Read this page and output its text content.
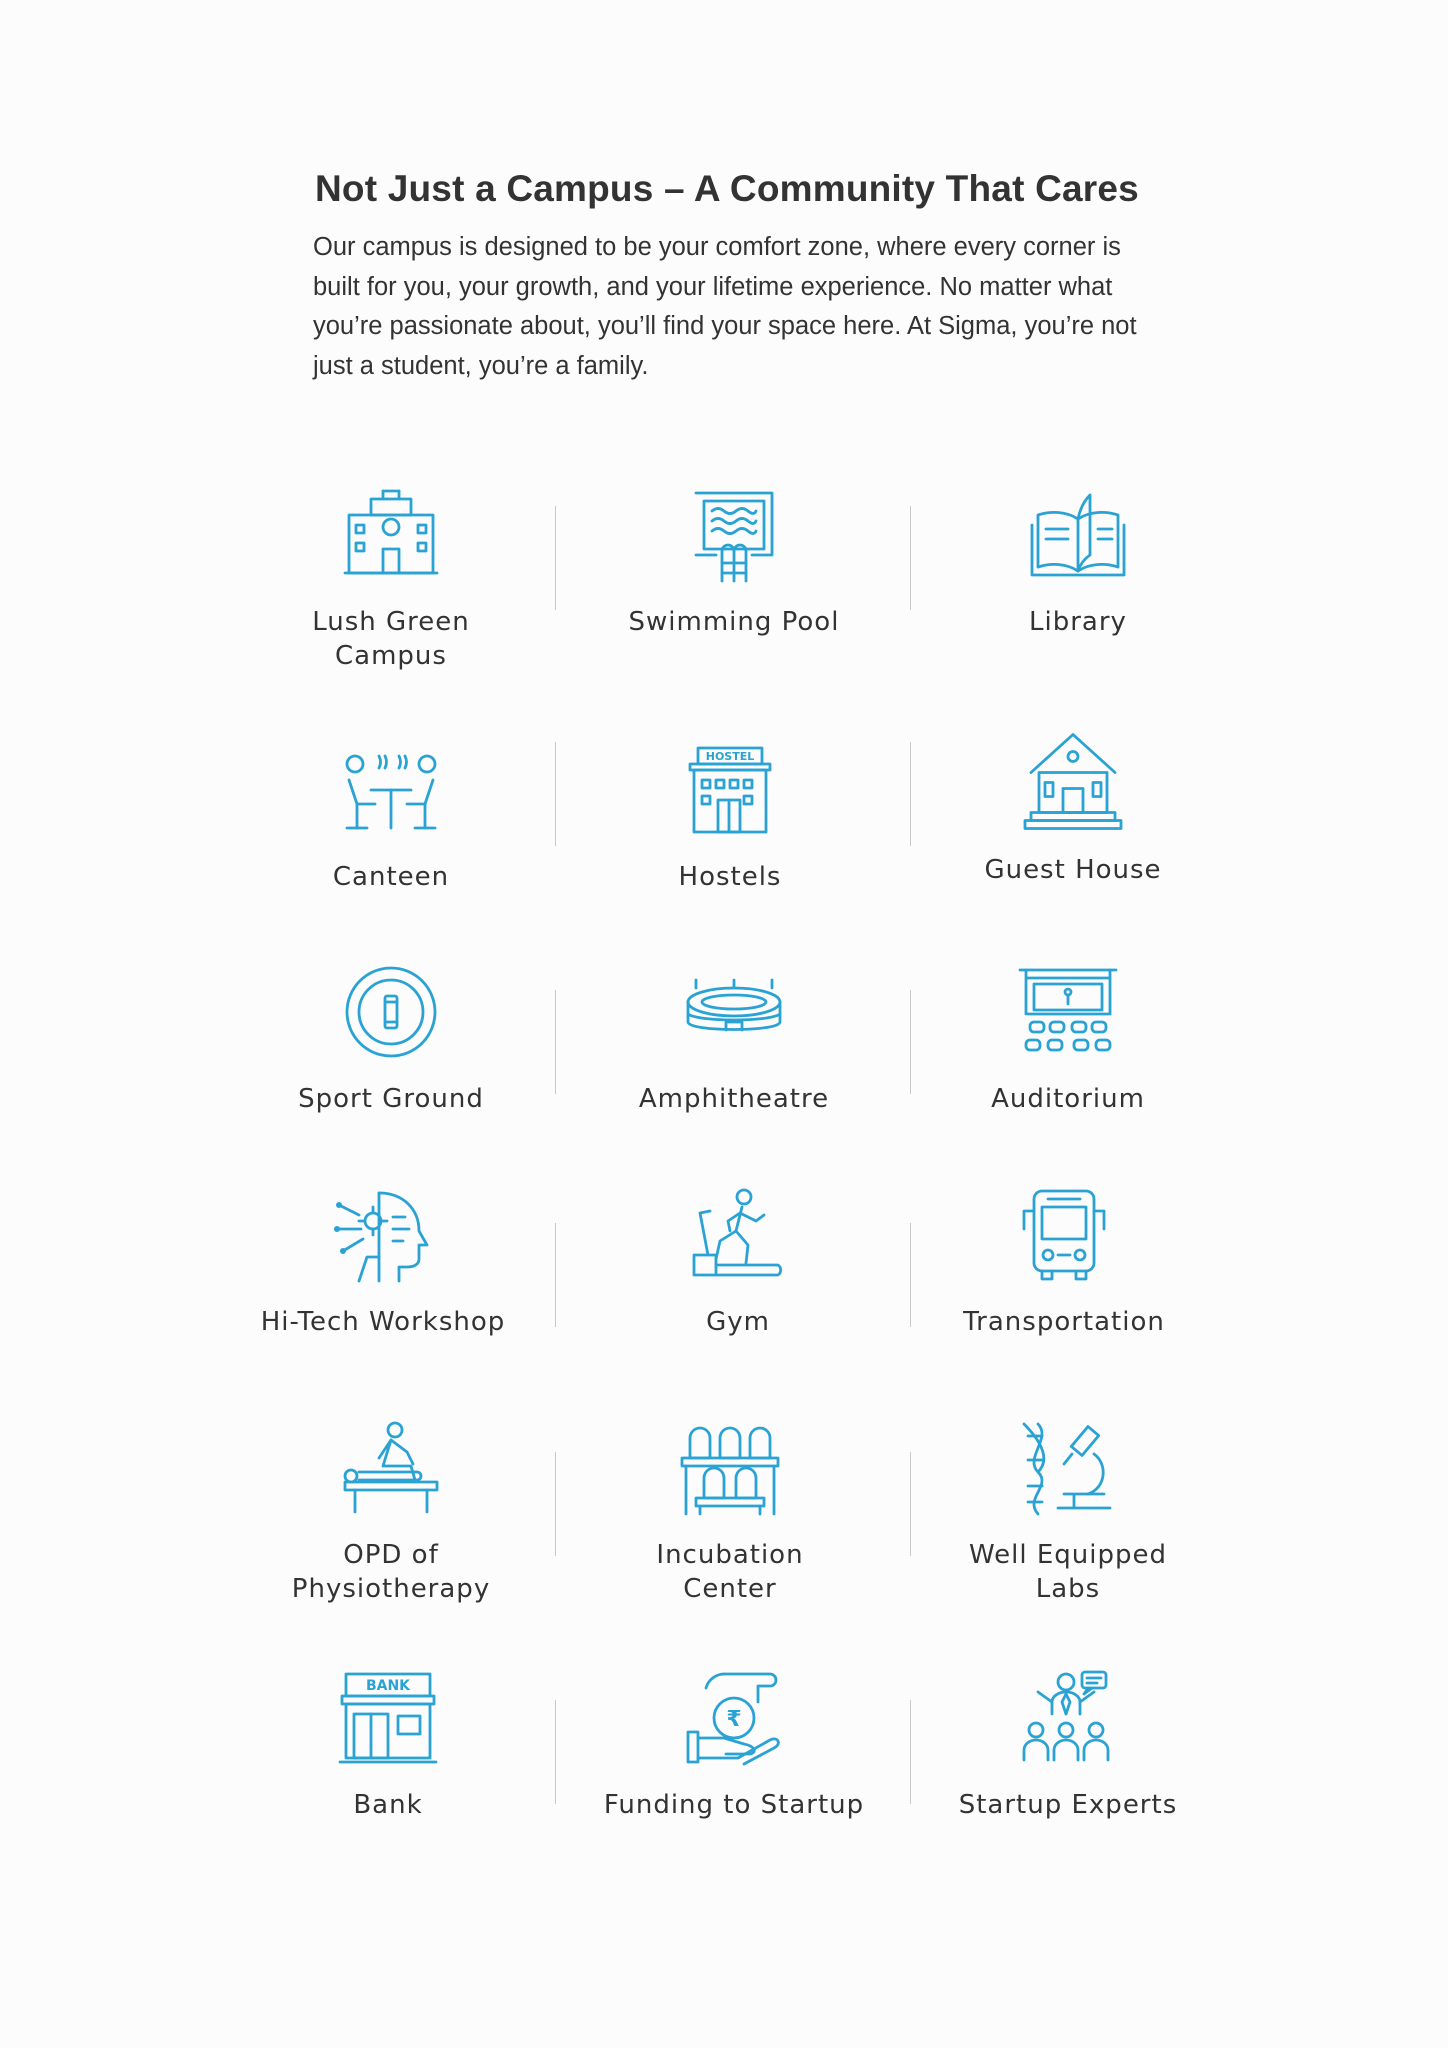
Not Just a Campus – A Community That Cares
Our campus is designed to be your comfort zone, where every corner is built for you, your growth, and your lifetime experience. No matter what you’re passionate about, you’ll find your space here. At Sigma, you’re not just a student, you’re a family.
Lush Green
Campus
Swimming Pool	Library
Canteen
HOSTEL
Hostels	Guest House
Sport Ground	Amphitheatre	Auditorium
Hi-Tech Workshop	Gym	Transportation
OPD of
Physiotherapy
Incubation
Center
Well Equipped
Labs
BANK
Bank
₹
Funding to Startup	Startup Experts
